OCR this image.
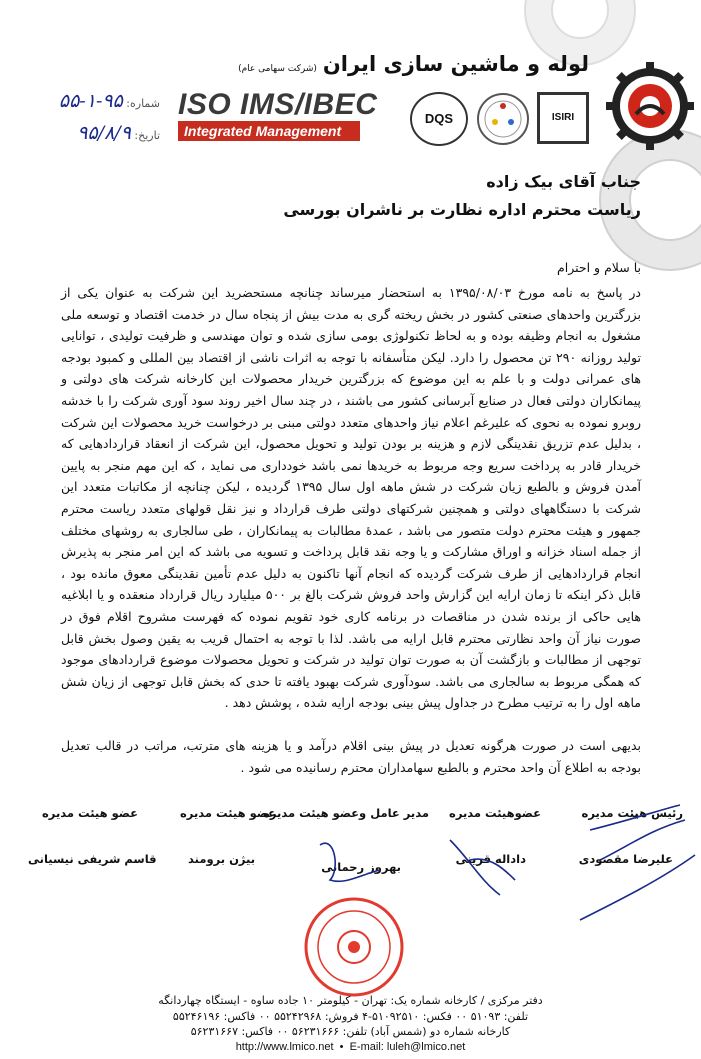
لوله و ماشین سازی ایران(شرکت سهامی عام)
ISIRI
DQS
ISO IMS/IBEC
Integrated Management System
شماره: ۹۵-۱-۵۵
تاریخ: ۹۵/۸/۹
جناب آقای بیک زاده
ریاست محترم اداره نظارت بر ناشران بورسی
با سلام و احترام
در پاسخ به نامه مورخ ۱۳۹۵/۰۸/۰۳ به استحضار میرساند چنانچه مستحضرید این شرکت به عنوان یکی از بزرگترین واحدهای صنعتی کشور در بخش ریخته گری به مدت بیش از پنجاه سال در خدمت اقتصاد و توسعه ملی مشغول به انجام وظیفه بوده و به لحاظ تکنولوژی بومی سازی شده و توان مهندسی و ظرفیت تولیدی ، توانایی تولید روزانه ۲۹۰ تن محصول را دارد. لیکن متأسفانه با توجه به اثرات ناشی از اقتصاد بین المللی و کمبود بودجه های عمرانی دولت و با علم به این موضوع که بزرگترین خریدار محصولات این کارخانه شرکت های دولتی و پیمانکاران دولتی فعال در صنایع آبرسانی کشور می باشند ، در چند سال اخیر روند سود آوری شرکت را با خدشه روبرو نموده به نحوی که علیرغم اعلام نیاز واحدهای متعدد دولتی مبنی بر درخواست خرید محصولات این شرکت ، بدلیل عدم تزریق نقدینگی لازم و هزینه بر بودن تولید و تحویل محصول، این شرکت از انعقاد قراردادهایی که خریدار قادر به پرداخت سریع وجه مربوط به خریدها نمی باشد خودداری می نماید ، که این مهم منجر به پایین آمدن فروش و بالطبع زیان شرکت در شش ماهه اول سال ۱۳۹۵ گردیده ، لیکن چنانچه از مکاتبات متعدد این شرکت با دستگاههای دولتی و همچنین شرکتهای دولتی طرف قرارداد و نیز نقل قولهای متعدد ریاست محترم جمهور و هیئت محترم دولت متصور می باشد ، عمدهٔ مطالبات به پیمانکاران ، طی سالجاری به روشهای مختلف از جمله اسناد خزانه و اوراق مشارکت و یا وجه نقد قابل پرداخت و تسویه می باشد که این امر منجر به پذیرش انجام قراردادهایی از طرف شرکت گردیده که انجام آنها تاکنون به دلیل عدم تأمین نقدینگی معوق مانده بود ، قابل ذکر اینکه تا زمان ارایه این گزارش واحد فروش شرکت بالغ بر ۵۰۰ میلیارد ریال قرارداد منعقده و یا ابلاغیه هایی حاکی از برنده شدن در مناقصات در برنامه کاری خود تقویم نموده که فهرست مشروح اقلام فوق در صورت نیاز آن واحد نظارتی محترم قابل ارایه می باشد. لذا با توجه به احتمال قریب به یقین وصول بخش قابل توجهی از مطالبات و بازگشت آن به صورت توان تولید در شرکت و تحویل محصولات موضوع قراردادهای موجود که همگی مربوط به سالجاری می باشد. سودآوری شرکت بهبود یافته تا حدی که بخش قابل توجهی از زیان شش ماهه اول را به ترتیب مطرح در جداول پیش بینی بودجه ارایه شده ، پوشش دهد .
بدیهی است در صورت هرگونه تعدیل در پیش بینی اقلام درآمد و یا هزینه های مترتب، مراتب در قالب تعدیل بودجه به اطلاع آن واحد محترم و بالطبع سهامداران محترم رسانیده می شود .
رئیس هیئت مدیره
علیرضا مقصودی
عضوهیئت مدیره
داداله قرینی
مدیر عامل وعضو هیئت مدیره
بهروز رحمانی
عضو هیئت مدیره
بیژن برومند
عضو هیئت مدیره
قاسم شریفی نیسیانی
دفتر مرکزی / کارخانه شماره یک: تهران - کیلومتر ۱۰ جاده ساوه - ایستگاه چهاردانگه
تلفن: ۵۱۰۹۳ ۰۰ فکس: ۵۱۰۹۲۵۱۰-۴ فروش: ۵۵۲۴۲۹۶۸ ۰۰ فاکس: ۵۵۲۴۶۱۹۶
کارخانه شماره دو (شمس آباد) تلفن: ۵۶۲۳۱۶۶۶ ۰۰ فاکس: ۵۶۲۳۱۶۶۷
http://www.lmico.net  •  E-mail: luleh@lmico.net
